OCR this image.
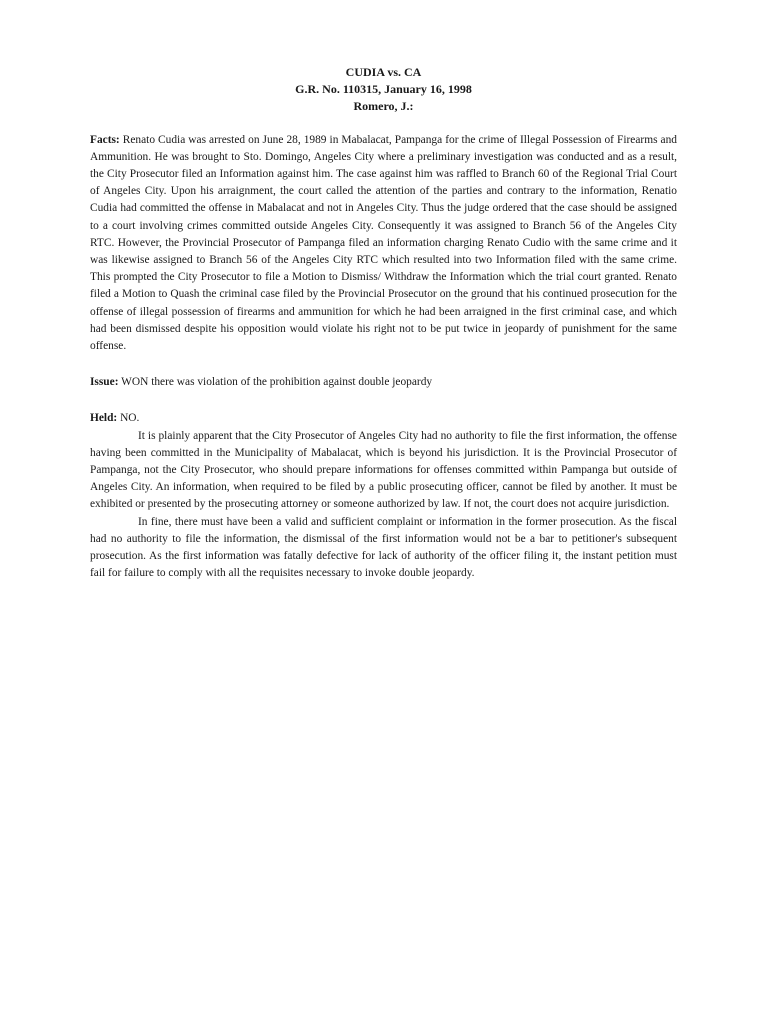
CUDIA vs. CA
G.R. No. 110315, January 16, 1998
Romero, J.:

Facts: Renato Cudia was arrested on June 28, 1989 in Mabalacat, Pampanga for the crime of Illegal Possession of Firearms and Ammunition. He was brought to Sto. Domingo, Angeles City where a preliminary investigation was conducted and as a result, the City Prosecutor filed an Information against him. The case against him was raffled to Branch 60 of the Regional Trial Court of Angeles City. Upon his arraignment, the court called the attention of the parties and contrary to the information, Renatio Cudia had committed the offense in Mabalacat and not in Angeles City. Thus the judge ordered that the case should be assigned to a court involving crimes committed outside Angeles City. Consequently it was assigned to Branch 56 of the Angeles City RTC. However, the Provincial Prosecutor of Pampanga filed an information charging Renato Cudio with the same crime and it was likewise assigned to Branch 56 of the Angeles City RTC which resulted into two Information filed with the same crime. This prompted the City Prosecutor to file a Motion to Dismiss/ Withdraw the Information which the trial court granted. Renato filed a Motion to Quash the criminal case filed by the Provincial Prosecutor on the ground that his continued prosecution for the offense of illegal possession of firearms and ammunition for which he had been arraigned in the first criminal case, and which had been dismissed despite his opposition would violate his right not to be put twice in jeopardy of punishment for the same offense.

Issue: WON there was violation of the prohibition against double jeopardy

Held: NO.

It is plainly apparent that the City Prosecutor of Angeles City had no authority to file the first information, the offense having been committed in the Municipality of Mabalacat, which is beyond his jurisdiction. It is the Provincial Prosecutor of Pampanga, not the City Prosecutor, who should prepare informations for offenses committed within Pampanga but outside of Angeles City. An information, when required to be filed by a public prosecuting officer, cannot be filed by another. It must be exhibited or presented by the prosecuting attorney or someone authorized by law. If not, the court does not acquire jurisdiction.

In fine, there must have been a valid and sufficient complaint or information in the former prosecution. As the fiscal had no authority to file the information, the dismissal of the first information would not be a bar to petitioner's subsequent prosecution. As the first information was fatally defective for lack of authority of the officer filing it, the instant petition must fail for failure to comply with all the requisites necessary to invoke double jeopardy.
